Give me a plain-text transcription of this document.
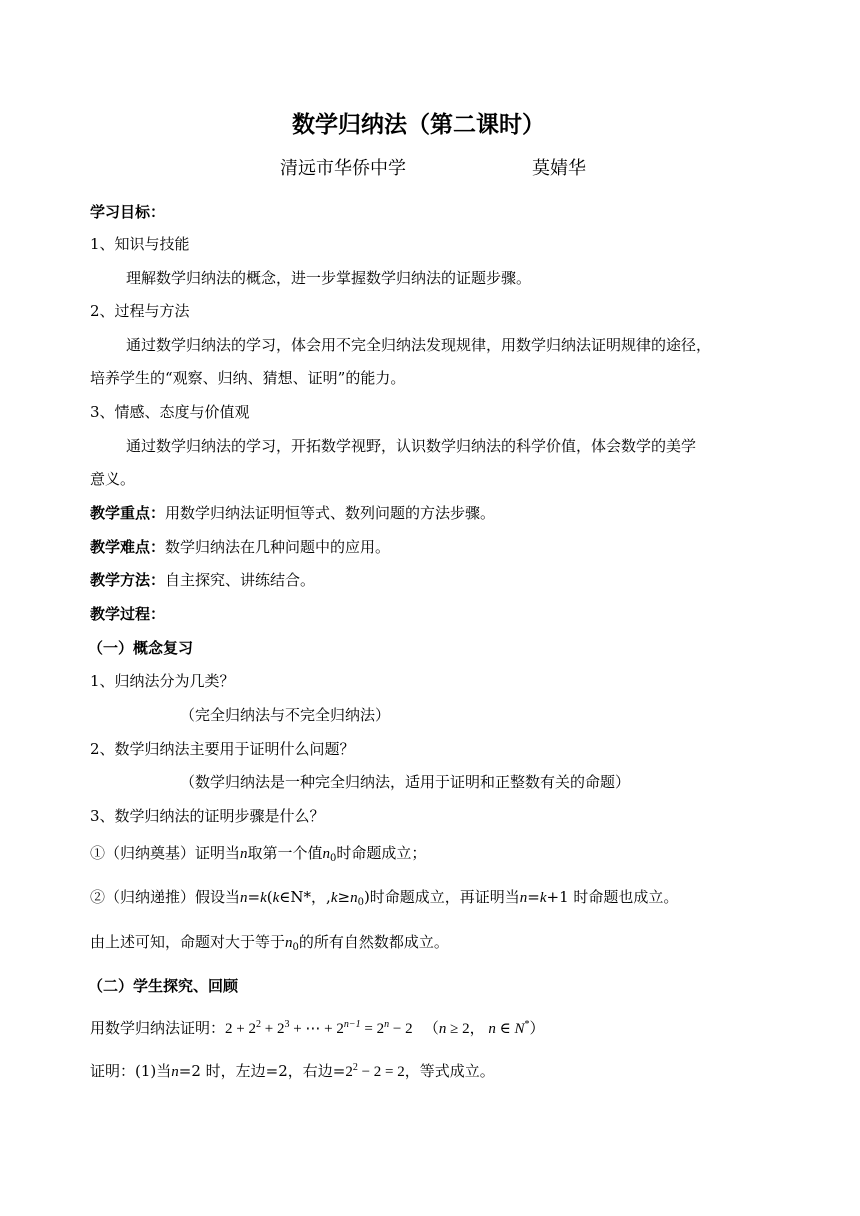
数学归纳法（第二课时）
清远市华侨中学	莫婧华
学习目标：
1、知识与技能
理解数学归纳法的概念，进一步掌握数学归纳法的证题步骤。
2、过程与方法
通过数学归纳法的学习，体会用不完全归纳法发现规律，用数学归纳法证明规律的途径，
培养学生的“观察、归纳、猜想、证明”的能力。
3、情感、态度与价值观
通过数学归纳法的学习，开拓数学视野，认识数学归纳法的科学价值，体会数学的美学
意义。
教学重点：用数学归纳法证明恒等式、数列问题的方法步骤。
教学难点：数学归纳法在几种问题中的应用。
教学方法：自主探究、讲练结合。
教学过程：
（一）概念复习
1、归纳法分为几类？
（完全归纳法与不完全归纳法）
2、数学归纳法主要用于证明什么问题？
（数学归纳法是一种完全归纳法，适用于证明和正整数有关的命题）
3、数学归纳法的证明步骤是什么？
①（归纳奠基）证明当n取第一个值$n_0$时命题成立；
②（归纳递推）假设当n=k(k∈N*，$,k\ge n_0$)时命题成立，再证明当n=k+1 时命题也成立。
由上述可知，命题对大于等于$n_0$的所有自然数都成立。
（二）学生探究、回顾
用数学归纳法证明：$2 + 2^2 + 2^3$ + ⋯ + $2^{n-1} = 2^n - 2$ （n ≥ 2， n ∈ N*）
证明：(1)当n=2 时，左边=2，右边$=2^2 - 2 = 2$，等式成立。
